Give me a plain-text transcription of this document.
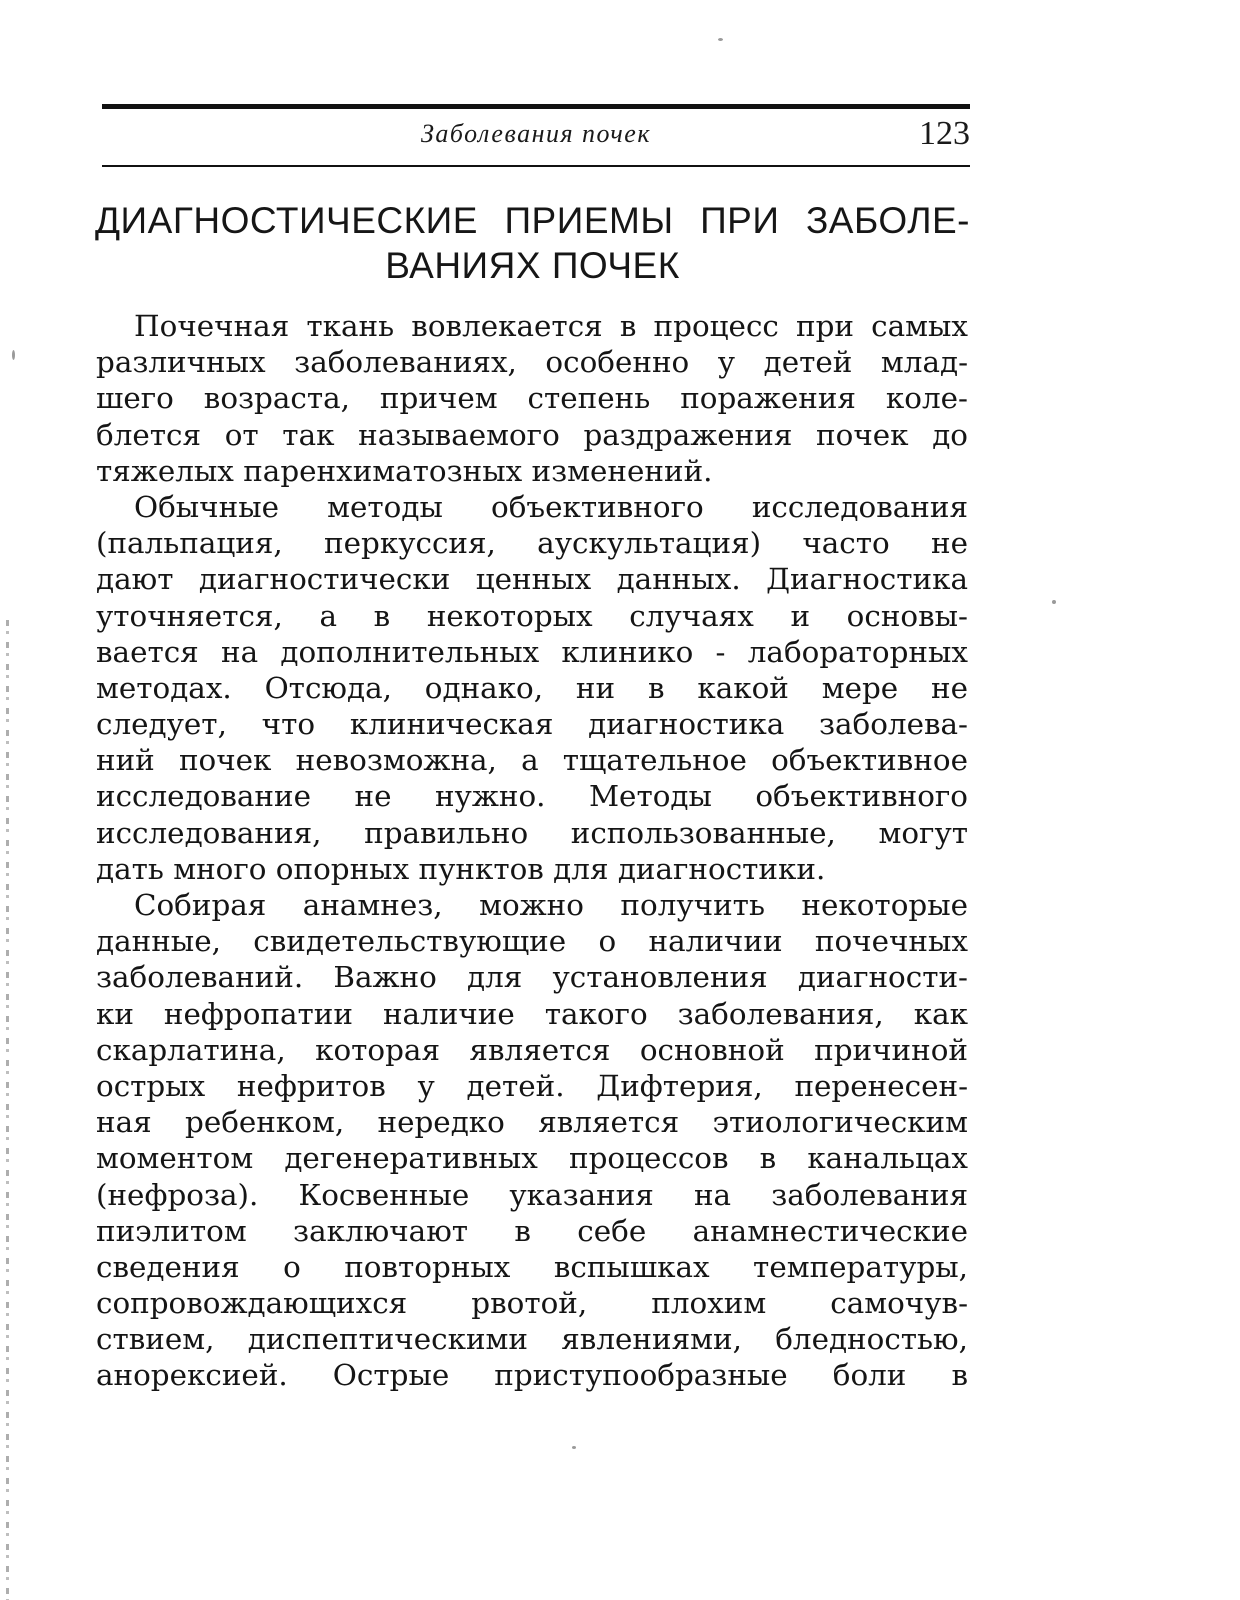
Заболевания почек	123
ДИАГНОСТИЧЕСКИЕ ПРИЕМЫ ПРИ ЗАБОЛЕ-
ВАНИЯХ ПОЧЕК
Почечная ткань вовлекается в процесс при самых
различных заболеваниях, особенно у детей млад-
шего возраста, причем степень поражения коле-
блется от так называемого раздражения почек до
тяжелых паренхиматозных изменений.
Обычные методы объективного исследования
(пальпация, перкуссия, аускультация) часто не
дают диагностически ценных данных. Диагностика
уточняется, а в некоторых случаях и основы-
вается на дополнительных клинико - лабораторных
методах. Отсюда, однако, ни в какой мере не
следует, что клиническая диагностика заболева-
ний почек невозможна, а тщательное объективное
исследование не нужно. Методы объективного
исследования, правильно использованные, могут
дать много опорных пунктов для диагностики.
Собирая анамнез, можно получить некоторые
данные, свидетельствующие о наличии почечных
заболеваний. Важно для установления диагности-
ки нефропатии наличие такого заболевания, как
скарлатина, которая является основной причиной
острых нефритов у детей. Дифтерия, перенесен-
ная ребенком, нередко является этиологическим
моментом дегенеративных процессов в канальцах
(нефроза). Косвенные указания на заболевания
пиэлитом заключают в себе анамнестические
сведения о повторных вспышках температуры,
сопровождающихся рвотой, плохим самочув-
ствием, диспептическими явлениями, бледностью,
анорексией. Острые приступообразные боли в
